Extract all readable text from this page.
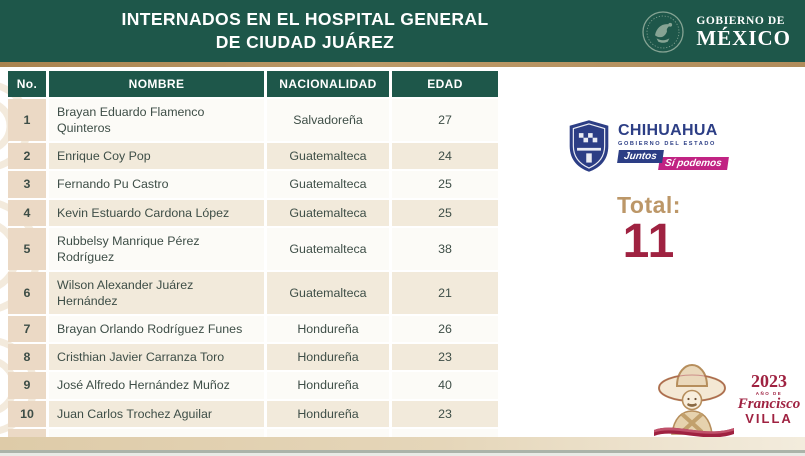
INTERNADOS EN EL HOSPITAL GENERAL
DE CIUDAD JUÁREZ
GOBIERNO DE
MÉXICO
No.	NOMBRE	NACIONALIDAD	EDAD
1	Brayan Eduardo Flamenco Quinteros	Salvadoreña	27
2	Enrique Coy Pop	Guatemalteca	24
3	Fernando Pu Castro	Guatemalteca	25
4	Kevin Estuardo Cardona López	Guatemalteca	25
5	Rubbelsy Manrique Pérez Rodríguez	Guatemalteca	38
6	Wilson Alexander Juárez Hernández	Guatemalteca	21
7	Brayan Orlando Rodríguez Funes	Hondureña	26
8	Cristhian Javier Carranza Toro	Hondureña	23
9	José Alfredo Hernández Muñoz	Hondureña	40
10	Juan Carlos Trochez Aguilar	Hondureña	23

CHIHUAHUA
GOBIERNO DEL ESTADO
Juntos
Sí podemos
Total:
11
2023
AÑO DE
Francisco
VILLA
